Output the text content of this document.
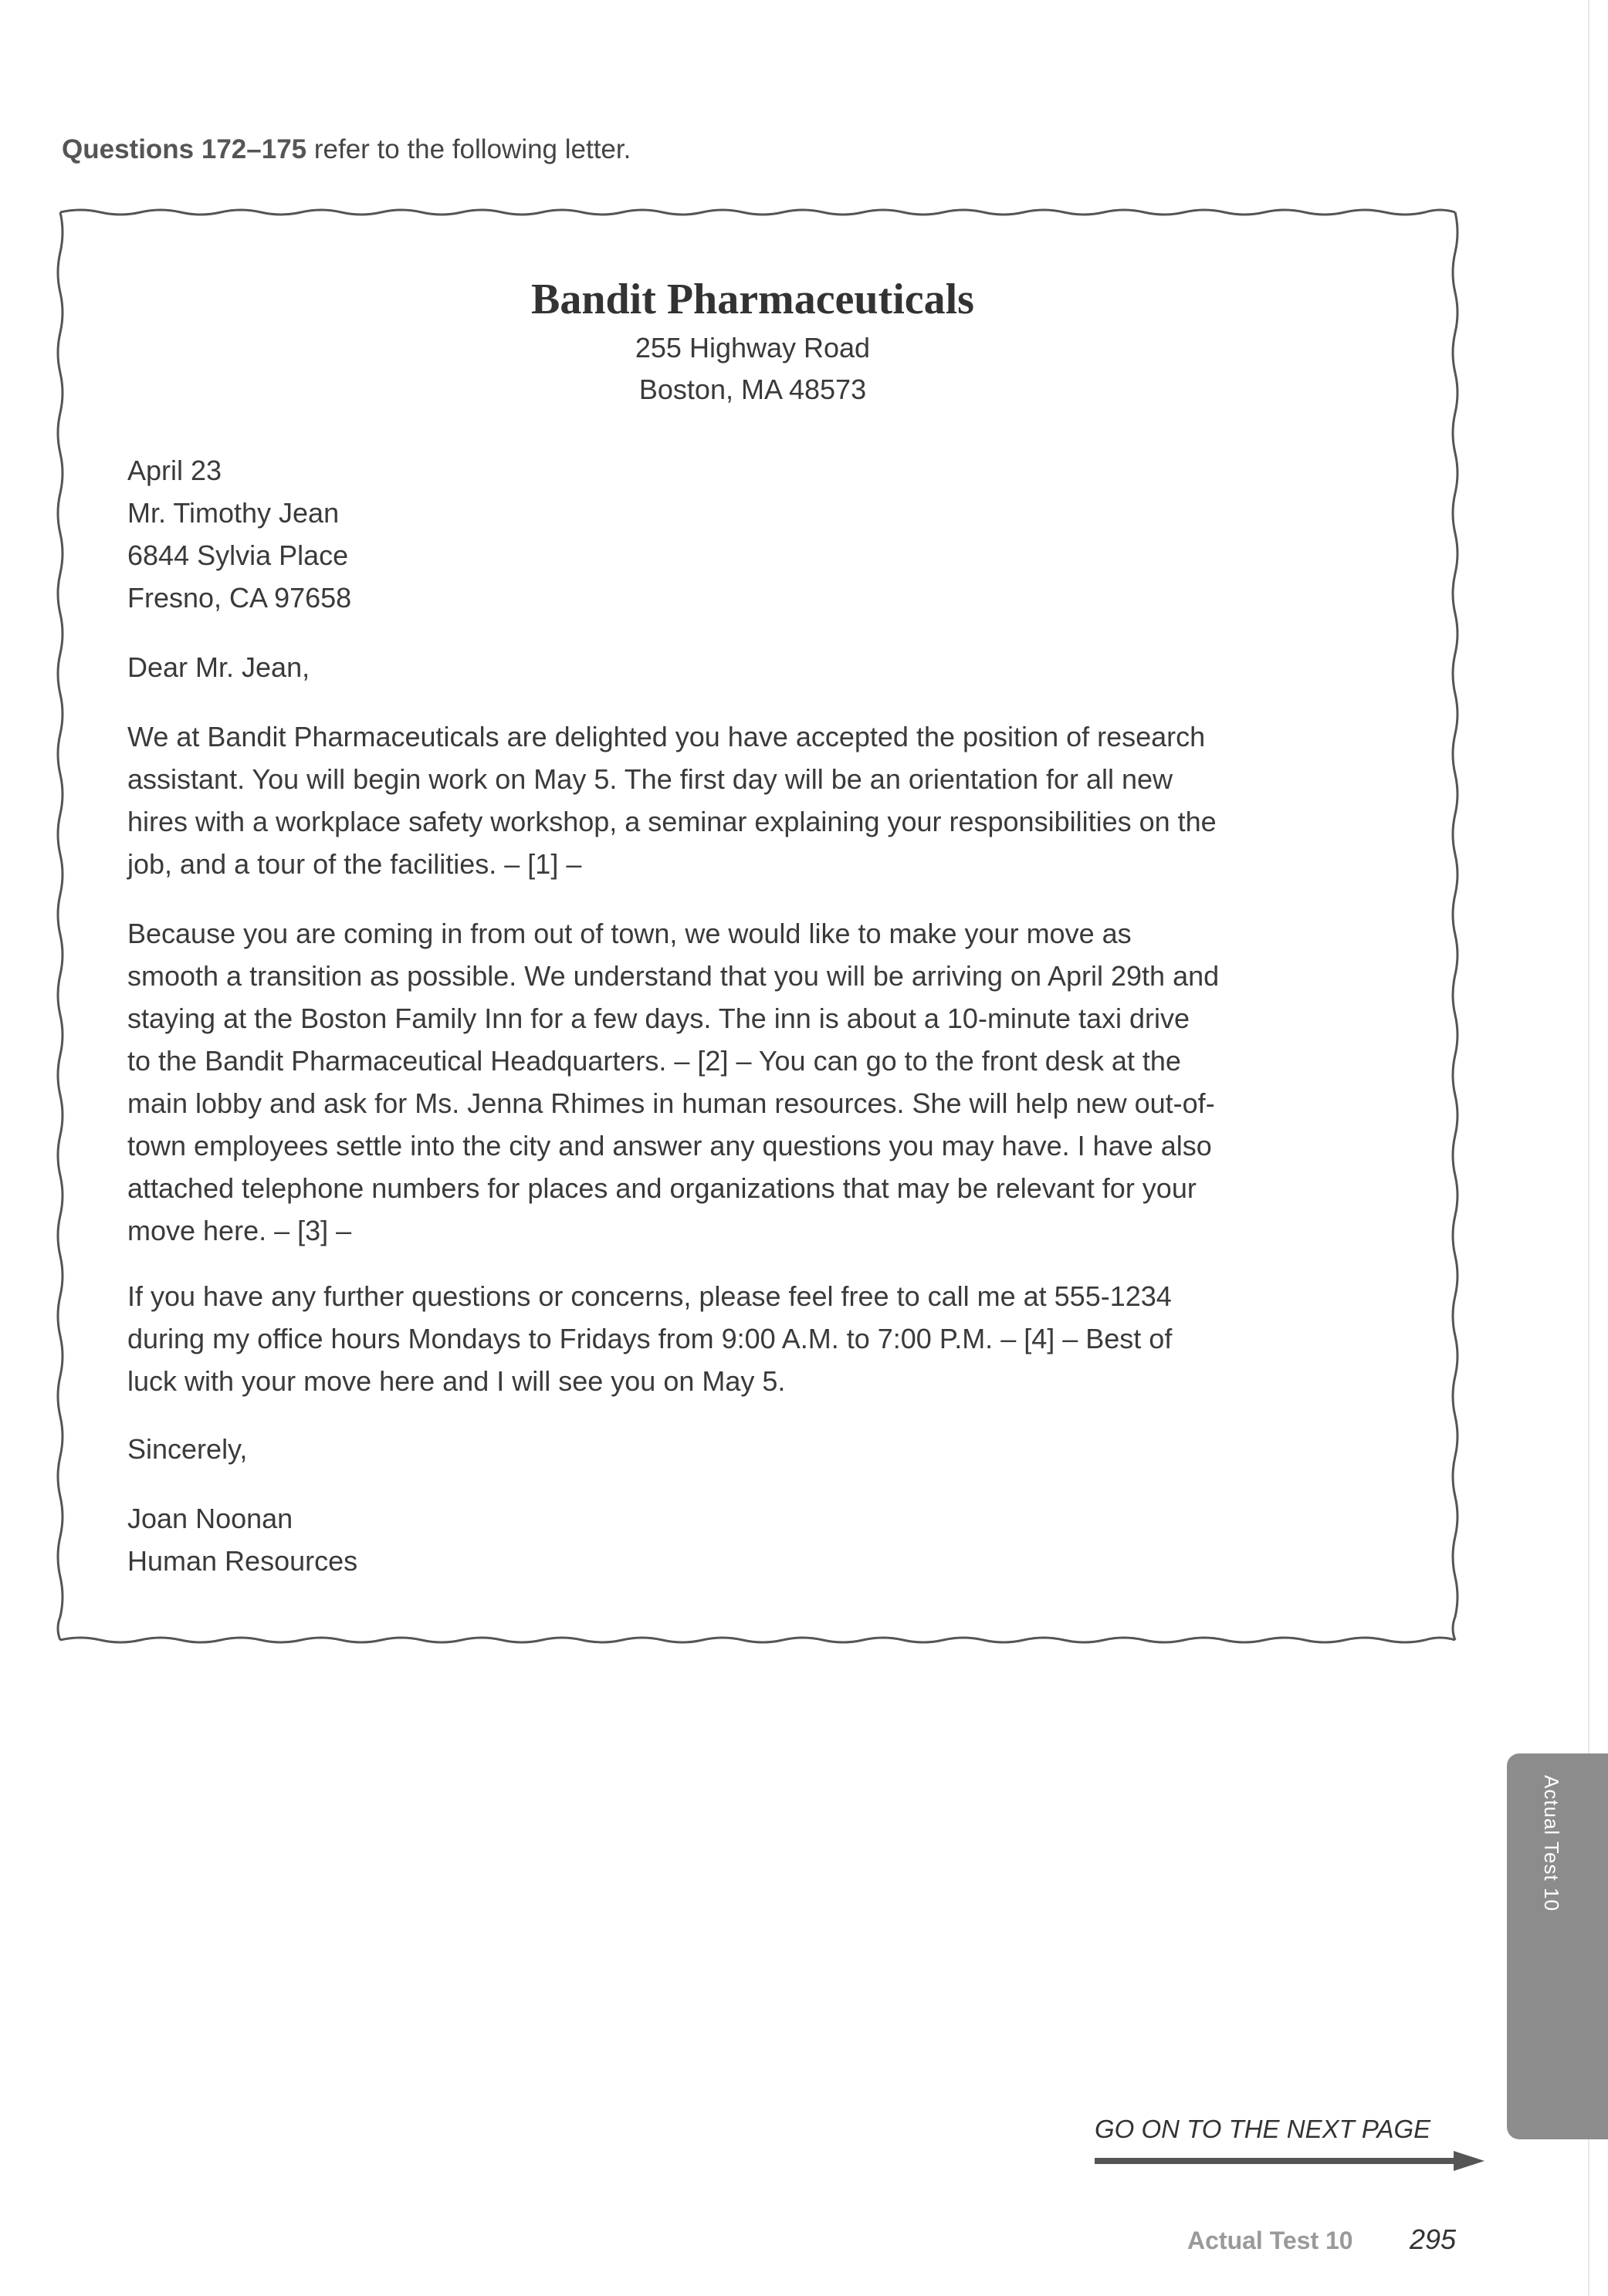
Questions 172–175 refer to the following letter.
Bandit Pharmaceuticals
255 Highway Road
Boston, MA 48573
April 23
Mr. Timothy Jean
6844 Sylvia Place
Fresno, CA 97658
Dear Mr. Jean,
We at Bandit Pharmaceuticals are delighted you have accepted the position of research
assistant. You will begin work on May 5. The first day will be an orientation for all new
hires with a workplace safety workshop, a seminar explaining your responsibilities on the
job, and a tour of the facilities. – [1] –
Because you are coming in from out of town, we would like to make your move as
smooth a transition as possible. We understand that you will be arriving on April 29th and
staying at the Boston Family Inn for a few days. The inn is about a 10-minute taxi drive
to the Bandit Pharmaceutical Headquarters. – [2] – You can go to the front desk at the
main lobby and ask for Ms. Jenna Rhimes in human resources. She will help new out-of-
town employees settle into the city and answer any questions you may have. I have also
attached telephone numbers for places and organizations that may be relevant for your
move here. – [3] –
If you have any further questions or concerns, please feel free to call me at 555-1234
during my office hours Mondays to Fridays from 9:00 A.M. to 7:00 P.M. – [4] – Best of
luck with your move here and I will see you on May 5.
Sincerely,
Joan Noonan
Human Resources
Actual Test 10
GO ON TO THE NEXT PAGE
Actual Test 10 295
